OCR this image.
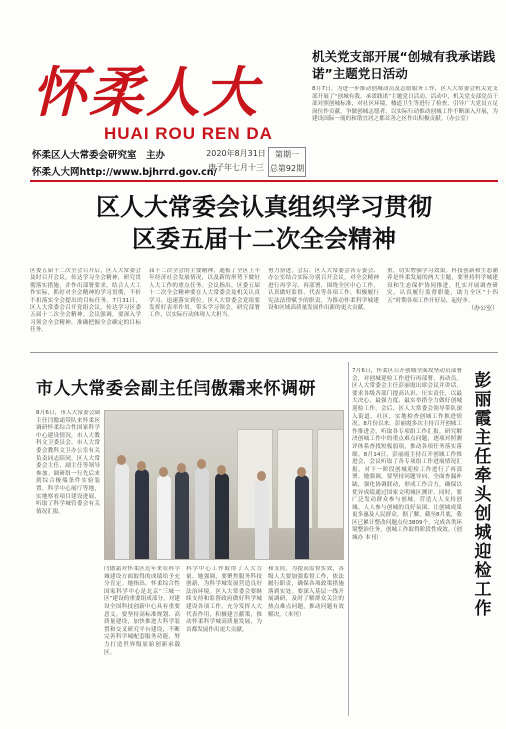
怀柔人大
HUAI ROU REN DA
怀柔区人大常委会研究室　主办
怀柔人大网http://www.bjhrrd.gov.cn/
2020年8月31日
庚子年七月十三
第期一
总第92期
机关党支部开展“创城有我承诺践诺”主题党日活动
8月7日，为进一步推动创城动员及志愿服务工作，区人大常委会机关党支部开展了“创城有我、承诺践诺”主题党日活动。活动中，机关党支部党员干部对照创城标准，对社区环境、楼道卫生等进行了检查，引导广大党员立足岗位作贡献，争做创城志愿者，以实际行动推动创城工作不断深入开展，为建设国际一流的和谐宜居之都首善之区作出积极贡献。（办公室）
区人大常委会认真组织学习贯彻
区委五届十二次全会精神
区委五届十二次全会召开后，区人大常委会及时召开会议，传达学习全会精神，研究贯彻落实措施，并作出部署要求，结合人大工作实际，抓好对全会精神的学习贯彻，不折不扣落实全会提出的目标任务。7月31日，区人大常委会召开党组会议，传达学习区委五届十二次全会精神。会议强调，要深入学习领会全会精神，准确把握全会确定的目标任务。
届十二次全会的主要精神，通报了全区上半年经济社会发展情况，以及新的形势下做好人大工作的重点任务。会议指出，区委五届十二次全会精神要在人大常委会及机关认真学习、迅速落实到位。区人大常委会党组要发挥好表率作用，带头学习领会，研究部署工作，以实际行动体现人大担当。
努力奋进。会后，区人大常委会各专委会、办公室结合实际分别召开会议，对全会精神进行再学习、再部署，围绕全区中心工作，认真做好监督、代表等各项工作，积极履行宪法法律赋予的职责，为推动怀柔科学城建设和区域高质量发展作出新的更大贡献。
重，切实增强学习效果。科技创新和生态涵养是怀柔发展的两大主题，要坚持科学城建设和生态保护协同推进，扎实开展调查研究，认真履行监督职能，助力全区“十四五”时期各项工作开好局、起好步。
（办公室）
市人大常委会副主任闫傲霜来怀调研
8月6日，市人大常委会副主任闫傲霜带队来怀柔区调研怀柔综合性国家科学中心建设情况，市人大教科文卫委员会、市人大常委会教科文卫办公室有关负责同志陪同。区人大常委会主任、副主任等领导参加。调研组一行先后来到综合极端条件实验装置、科学中心展厅等地，实地察看项目建设进展，听取了科学城管委会有关情况汇报。
闫傲霜对怀柔区近年来在科学城建设方面取得的成绩给予充分肯定。她指出，怀柔综合性国家科学中心是北京“三城一区”建设的重要组成部分，对建设全国科技创新中心具有重要意义。要坚持高标准规划、高质量建设，加快推进大科学装置和交叉研究平台建设，不断完善科学城配套服务功能，努力打造世界级原始创新承载区。
科学中心工作取得了人大力量。她强调，要聚焦服务科技创新，为科学城发展营造良好法治环境。区人大常委会要继续支持和监督政府做好科学城建设各项工作，充分发挥人大代表作用，积极建言献策，推动怀柔科学城高质量发展，为首都发展作出更大贡献。
和支持，为提高监督实效，各级人大要加强监督工作，依法履行职责，确保各项政策措施落到实处。要深入基层一线开展调研，及时了解群众关注的热点难点问题，推动问题有效解决。（本刊）
7月6日，怀柔区召开创城全面攻坚动员部署会，对创城迎检工作进行再部署、再动员。区人大常委会主任彭丽霞出席会议并讲话，要求各级各部门提高认识、压实责任，以最大决心、最强力度、最实举措全力做好创城迎检工作。会后，区人大常委会领导带队深入街道、社区，实地检查创城工作推进情况。8月份以来，彭丽霞多次主持召开创城工作推进会，听取各专项组工作汇报，研究解决创城工作中的重点难点问题，逐项对照测评体系查找短板弱项，推动各项任务落实落细。8月14日，彭丽霞主持召开创城工作推进会，会议听取了各专项组工作进展情况汇报，对下一阶段创城迎检工作进行了再部署。她强调，要坚持问题导向，全面查漏补缺，强化协调联动，形成工作合力，确保以优异成绩通过国家文明城区测评。同时，要广泛发动群众参与创城，营造人人支持创城、人人参与创城的良好氛围，让创城成果更多惠及人民群众。据了解，截至8月底，我区已累计整改问题点位3809个，完成各类环境整治任务，创城工作取得阶段性成效。（创城办 本刊）
彭丽霞主任牵头创城迎检工作
